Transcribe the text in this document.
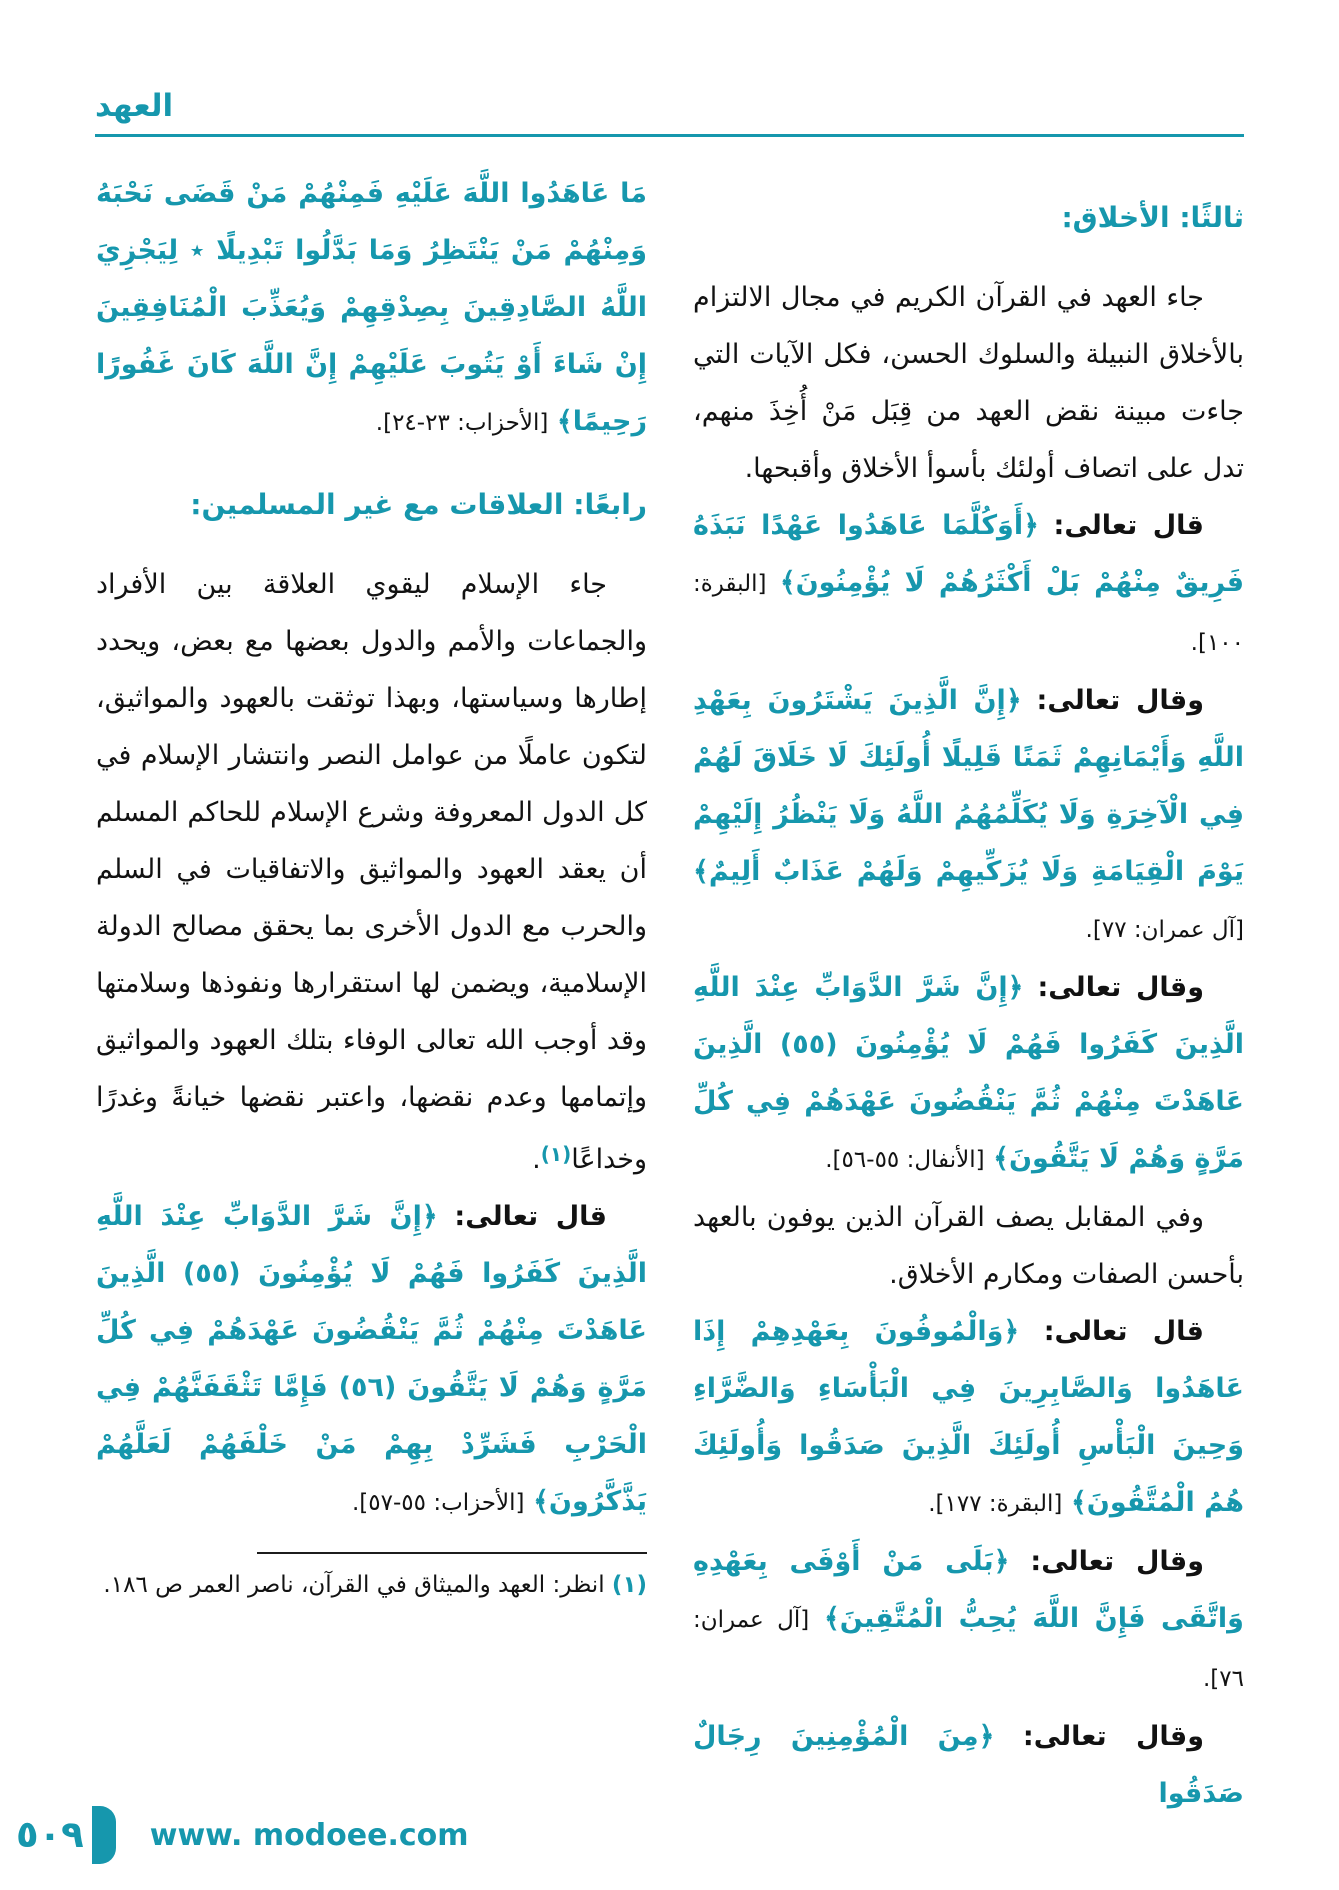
العهد
ثالثًا: الأخلاق:

جاء العهد في القرآن الكريم في مجال الالتزام بالأخلاق النبيلة والسلوك الحسن، فكل الآيات التي جاءت مبينة نقض العهد من قِبَل مَنْ أُخِذَ منهم، تدل على اتصاف أولئك بأسوأ الأخلاق وأقبحها.

قال تعالى: ﴿أَوَكُلَّمَا عَاهَدُوا عَهْدًا نَبَذَهُ فَرِيقٌ مِنْهُمْ بَلْ أَكْثَرُهُمْ لَا يُؤْمِنُونَ﴾ [البقرة: ١٠٠].

وقال تعالى: ﴿إِنَّ الَّذِينَ يَشْتَرُونَ بِعَهْدِ اللَّهِ وَأَيْمَانِهِمْ ثَمَنًا قَلِيلًا أُولَئِكَ لَا خَلَاقَ لَهُمْ فِي الْآخِرَةِ وَلَا يُكَلِّمُهُمُ اللَّهُ وَلَا يَنْظُرُ إِلَيْهِمْ يَوْمَ الْقِيَامَةِ وَلَا يُزَكِّيهِمْ وَلَهُمْ عَذَابٌ أَلِيمٌ﴾ [آل عمران: ٧٧].

وقال تعالى: ﴿إِنَّ شَرَّ الدَّوَابِّ عِنْدَ اللَّهِ الَّذِينَ كَفَرُوا فَهُمْ لَا يُؤْمِنُونَ (٥٥) الَّذِينَ عَاهَدْتَ مِنْهُمْ ثُمَّ يَنْقُضُونَ عَهْدَهُمْ فِي كُلِّ مَرَّةٍ وَهُمْ لَا يَتَّقُونَ﴾ [الأنفال: ٥٥-٥٦].

وفي المقابل يصف القرآن الذين يوفون بالعهد بأحسن الصفات ومكارم الأخلاق.

قال تعالى: ﴿وَالْمُوفُونَ بِعَهْدِهِمْ إِذَا عَاهَدُوا وَالصَّابِرِينَ فِي الْبَأْسَاءِ وَالضَّرَّاءِ وَحِينَ الْبَأْسِ أُولَئِكَ الَّذِينَ صَدَقُوا وَأُولَئِكَ هُمُ الْمُتَّقُونَ﴾ [البقرة: ١٧٧].

وقال تعالى: ﴿بَلَى مَنْ أَوْفَى بِعَهْدِهِ وَاتَّقَى فَإِنَّ اللَّهَ يُحِبُّ الْمُتَّقِينَ﴾ [آل عمران: ٧٦].

وقال تعالى: ﴿مِنَ الْمُؤْمِنِينَ رِجَالٌ صَدَقُوا

مَا عَاهَدُوا اللَّهَ عَلَيْهِ فَمِنْهُمْ مَنْ قَضَى نَحْبَهُ وَمِنْهُمْ مَنْ يَنْتَظِرُ وَمَا بَدَّلُوا تَبْدِيلًا ٭ لِيَجْزِيَ اللَّهُ الصَّادِقِينَ بِصِدْقِهِمْ وَيُعَذِّبَ الْمُنَافِقِينَ إِنْ شَاءَ أَوْ يَتُوبَ عَلَيْهِمْ إِنَّ اللَّهَ كَانَ غَفُورًا رَحِيمًا﴾ [الأحزاب: ٢٣-٢٤].

رابعًا: العلاقات مع غير المسلمين:

جاء الإسلام ليقوي العلاقة بين الأفراد والجماعات والأمم والدول بعضها مع بعض، ويحدد إطارها وسياستها، وبهذا توثقت بالعهود والمواثيق، لتكون عاملًا من عوامل النصر وانتشار الإسلام في كل الدول المعروفة وشرع الإسلام للحاكم المسلم أن يعقد العهود والمواثيق والاتفاقيات في السلم والحرب مع الدول الأخرى بما يحقق مصالح الدولة الإسلامية، ويضمن لها استقرارها ونفوذها وسلامتها وقد أوجب الله تعالى الوفاء بتلك العهود والمواثيق وإتمامها وعدم نقضها، واعتبر نقضها خيانةً وغدرًا وخداعًا$^{(١)}$.

قال تعالى: ﴿إِنَّ شَرَّ الدَّوَابِّ عِنْدَ اللَّهِ الَّذِينَ كَفَرُوا فَهُمْ لَا يُؤْمِنُونَ (٥٥) الَّذِينَ عَاهَدْتَ مِنْهُمْ ثُمَّ يَنْقُضُونَ عَهْدَهُمْ فِي كُلِّ مَرَّةٍ وَهُمْ لَا يَتَّقُونَ (٥٦) فَإِمَّا تَثْقَفَنَّهُمْ فِي الْحَرْبِ فَشَرِّدْ بِهِمْ مَنْ خَلْفَهُمْ لَعَلَّهُمْ يَذَّكَّرُونَ﴾ [الأحزاب: ٥٥-٥٧].

(١) انظر: العهد والميثاق في القرآن، ناصر العمر ص ١٨٦.

٥٠٩ www. modoee.com
